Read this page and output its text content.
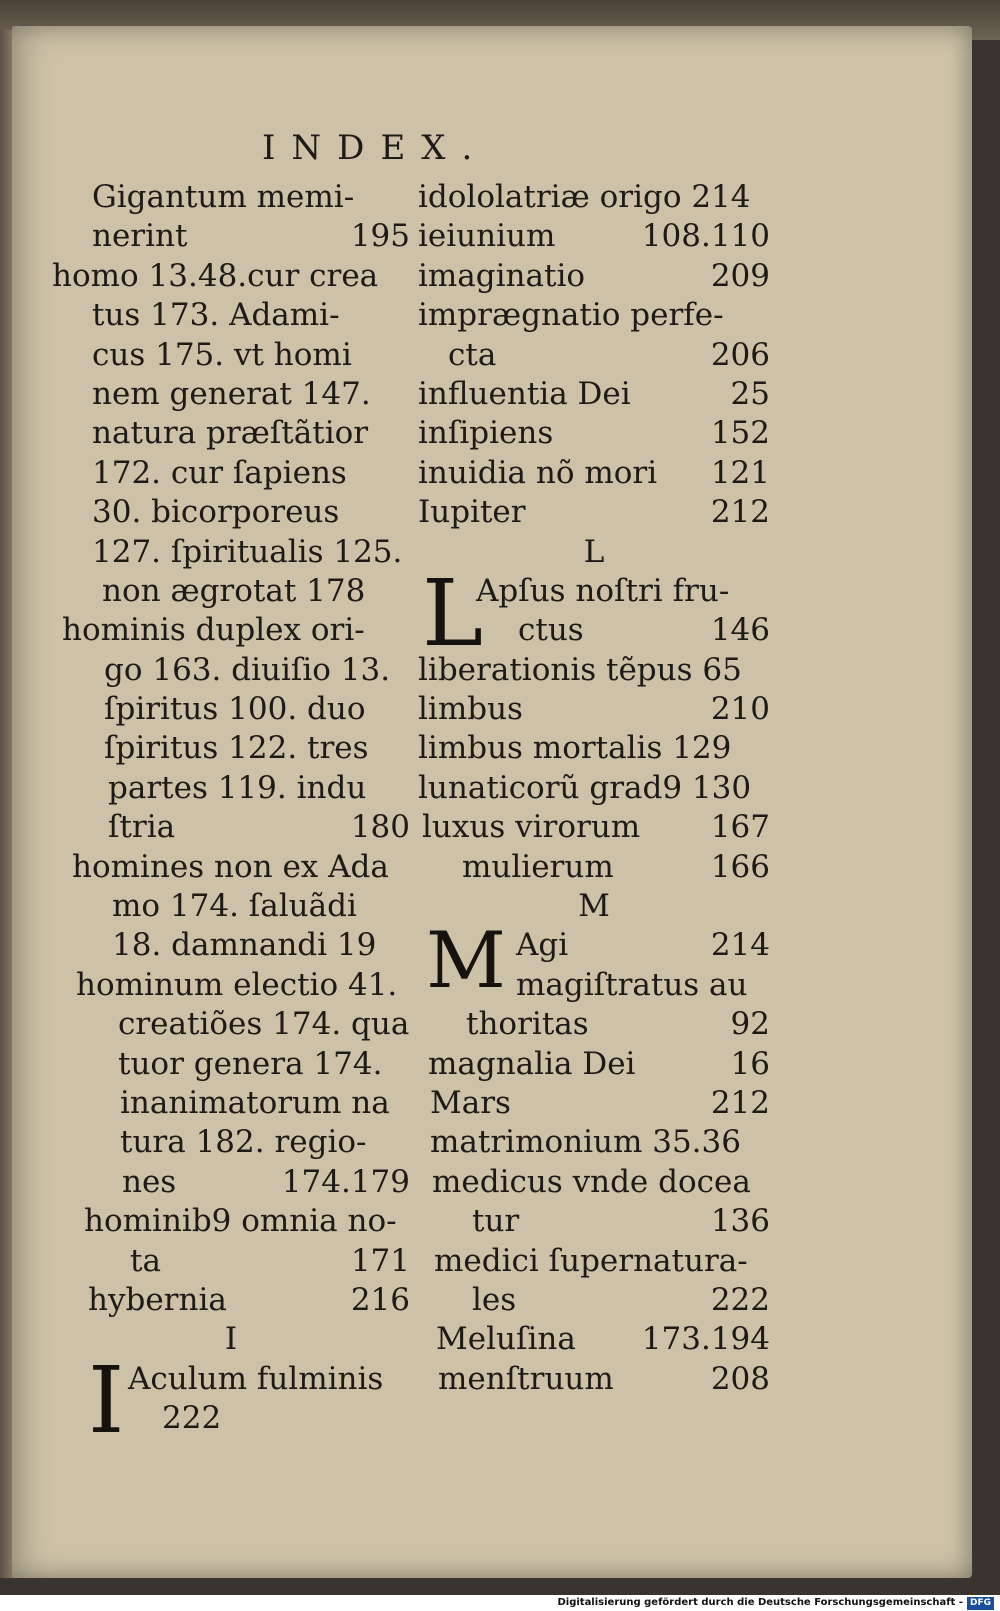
INDEX.
Gigantum memi-
nerint	195
homo 13.48.cur crea
tus 173. Adami-
cus 175. vt homi
nem generat 147.
natura præſtãtior
172. cur ſapiens
30. bicorporeus
127. ſpiritualis 125.
non ægrotat 178
hominis duplex ori-
go 163. diuiſio 13.
ſpiritus 100. duo
ſpiritus 122. tres
partes 119. indu
ſtria	180
homines non ex Ada
mo 174. ſaluãdi
18. damnandi 19
hominum electio 41.
creatiões 174. qua
tuor genera 174.
inanimatorum na
tura 182. regio-
nes	174.179
hominib9 omnia no-
ta	171
hybernia	216
I
Aculum fulminis
222
idololatriæ origo 214
ieiunium	108.110
imaginatio	209
imprægnatio perfe-
cta	206
influentia Dei	25
inſipiens	152
inuidia nõ mori 121
Iupiter	212
L
Apſus noſtri fru-
ctus	146
liberationis tẽpus 65
limbus	210
limbus mortalis 129
lunaticorũ grad9 130
luxus virorum 167
mulierum	166
M
Agi	214
magiſtratus au
thoritas	92
magnalia Dei	16
Mars	212
matrimonium 35.36
medicus vnde docea
tur	136
medici ſupernatura-
les	222
Meluſina 173.194
menſtruum	208
I
L
M
Digitalisierung gefördert durch die Deutsche Forschungsgemeinschaft - DFG
